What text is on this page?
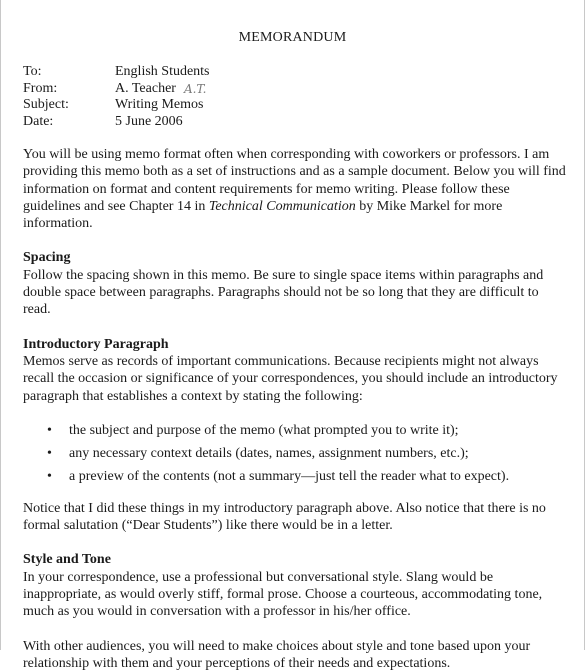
MEMORANDUM
To:	English Students
From:	A. Teacher A.T.
Subject:	Writing Memos
Date:	5 June 2006

You will be using memo format often when corresponding with coworkers or professors. I am providing this memo both as a set of instructions and as a sample document. Below you will find information on format and content requirements for memo writing. Please follow these guidelines and see Chapter 14 in Technical Communication by Mike Markel for more information.

Spacing

Follow the spacing shown in this memo. Be sure to single space items within paragraphs and double space between paragraphs. Paragraphs should not be so long that they are difficult to read.

Introductory Paragraph

Memos serve as records of important communications. Because recipients might not always recall the occasion or significance of your correspondences, you should include an introductory paragraph that establishes a context by stating the following:

• the subject and purpose of the memo (what prompted you to write it);
• any necessary context details (dates, names, assignment numbers, etc.);
• a preview of the contents (not a summary—just tell the reader what to expect).

Notice that I did these things in my introductory paragraph above. Also notice that there is no formal salutation (“Dear Students”) like there would be in a letter.

Style and Tone

In your correspondence, use a professional but conversational style. Slang would be inappropriate, as would overly stiff, formal prose. Choose a courteous, accommodating tone, much as you would in conversation with a professor in his/her office.

With other audiences, you will need to make choices about style and tone based upon your relationship with them and your perceptions of their needs and expectations.
